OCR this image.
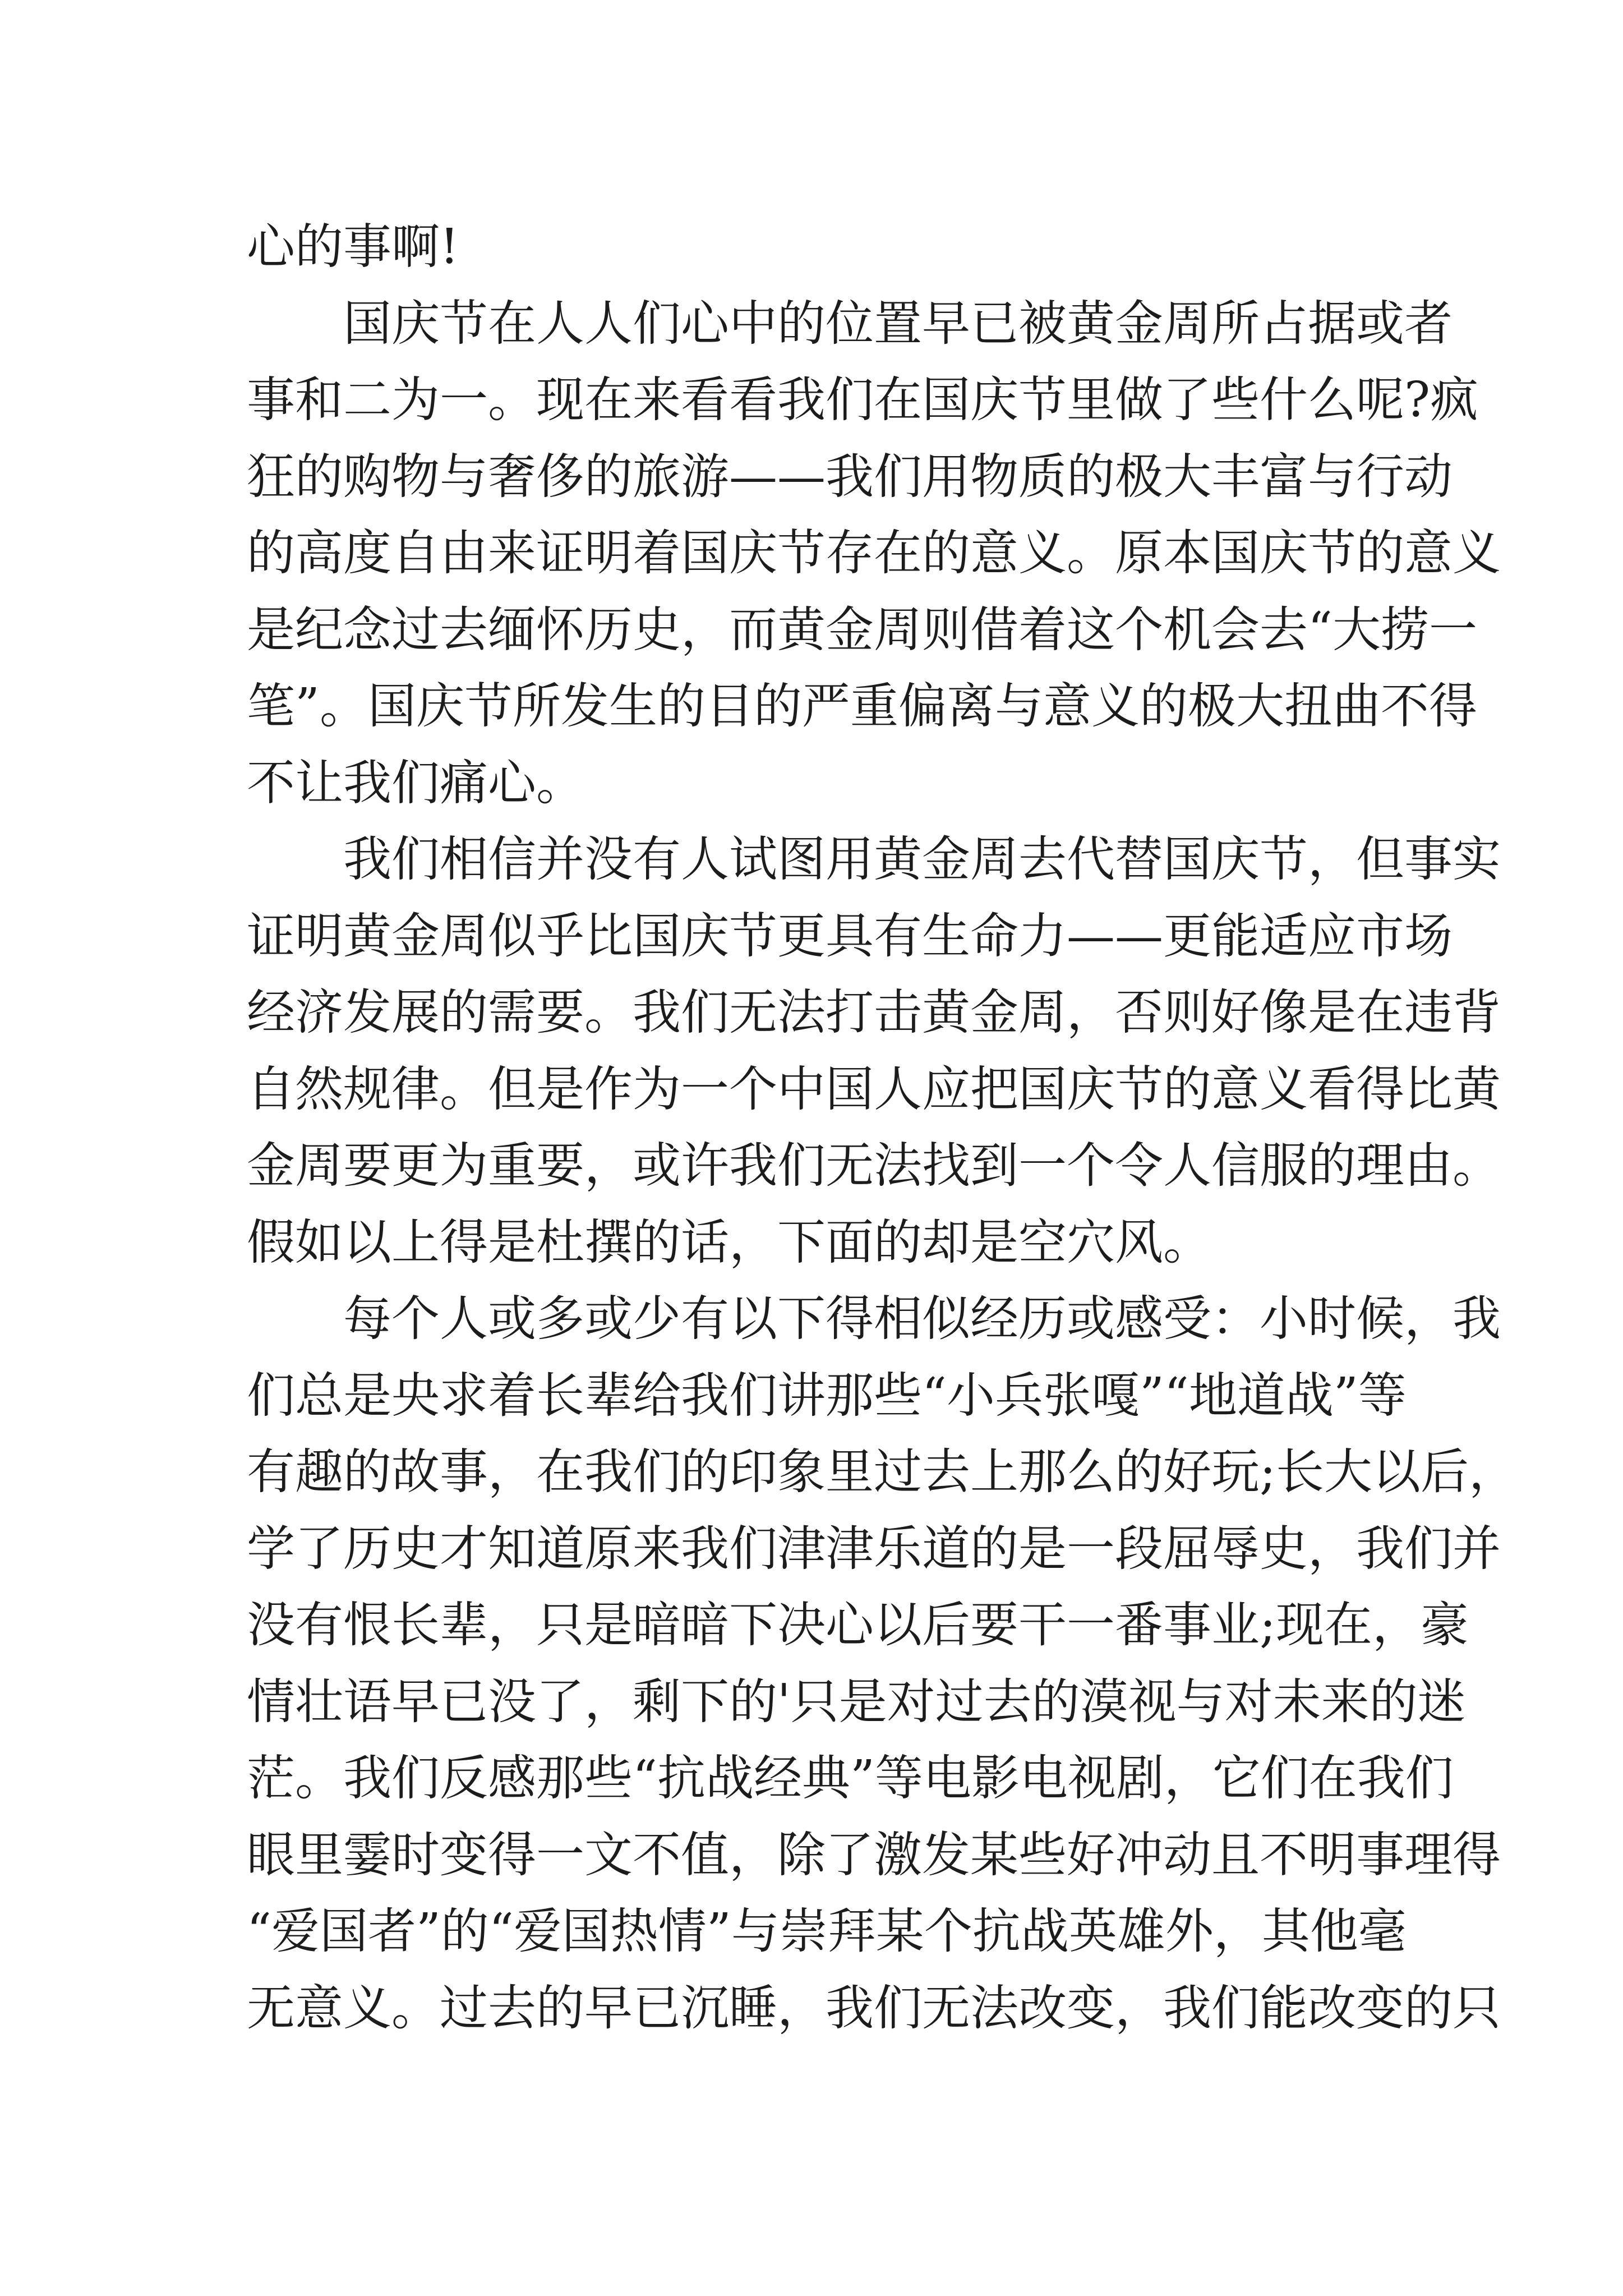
心的事啊!
国庆节在人人们心中的位置早已被黄金周所占据或者
事和二为一。现在来看看我们在国庆节里做了些什么呢?疯
狂的购物与奢侈的旅游——我们用物质的极大丰富与行动
的高度自由来证明着国庆节存在的意义。原本国庆节的意义
是纪念过去缅怀历史，而黄金周则借着这个机会去“大捞一
笔”。国庆节所发生的目的严重偏离与意义的极大扭曲不得
不让我们痛心。
我们相信并没有人试图用黄金周去代替国庆节，但事实
证明黄金周似乎比国庆节更具有生命力——更能适应市场
经济发展的需要。我们无法打击黄金周，否则好像是在违背
自然规律。但是作为一个中国人应把国庆节的意义看得比黄
金周要更为重要，或许我们无法找到一个令人信服的理由。
假如以上得是杜撰的话，下面的却是空穴风。
每个人或多或少有以下得相似经历或感受：小时候，我
们总是央求着长辈给我们讲那些“小兵张嘎”“地道战”等
有趣的故事，在我们的印象里过去上那么的好玩;长大以后，
学了历史才知道原来我们津津乐道的是一段屈辱史，我们并
没有恨长辈，只是暗暗下决心以后要干一番事业;现在，豪
情壮语早已没了，剩下的'只是对过去的漠视与对未来的迷
茫。我们反感那些“抗战经典”等电影电视剧，它们在我们
眼里霎时变得一文不值，除了激发某些好冲动且不明事理得
“爱国者”的“爱国热情”与崇拜某个抗战英雄外，其他毫
无意义。过去的早已沉睡，我们无法改变，我们能改变的只
